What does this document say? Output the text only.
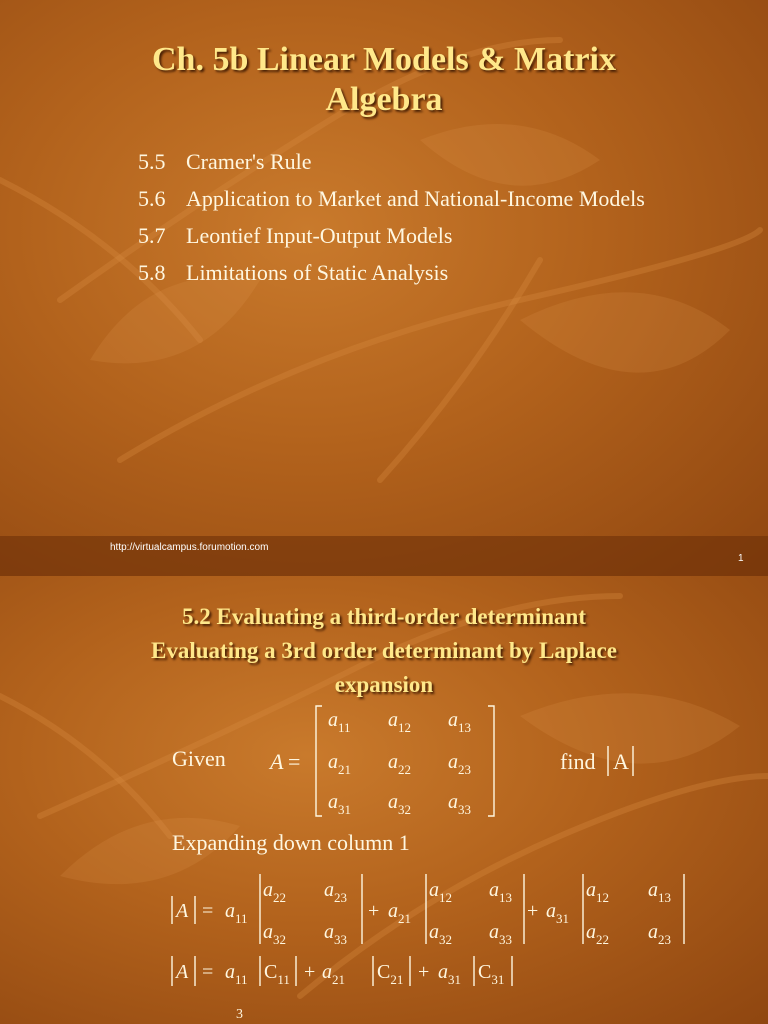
Ch. 5b Linear Models & Matrix
Algebra
5.5 Cramer's Rule
5.6 Application to Market and National-Income Models
5.7 Leontief Input-Output Models
5.8 Limitations of Static Analysis
http://virtualcampus.forumotion.com
1
5.2 Evaluating a third-order determinant
Evaluating a 3rd order determinant by Laplace
expansion
Given
Expanding down column 1
A =
$a_{11}$ $a_{12}$ $a_{13}$
$a_{21}$ $a_{22}$ $a_{23}$
$a_{31}$ $a_{32}$ $a_{33}$
find A
$A = a_{11}$
$a_{22}$ $a_{23}$
$a_{32}$ $a_{33}$
+ $a_{21}$
$a_{12}$ $a_{13}$
$a_{32}$ $a_{33}$
+ $a_{31}$
$a_{12}$ $a_{13}$
$a_{22}$ $a_{23}$
$A = a_{11}$ $C_{11} + a_{21}$ $C_{21} + a_{31}$ $C_{31}$
3
